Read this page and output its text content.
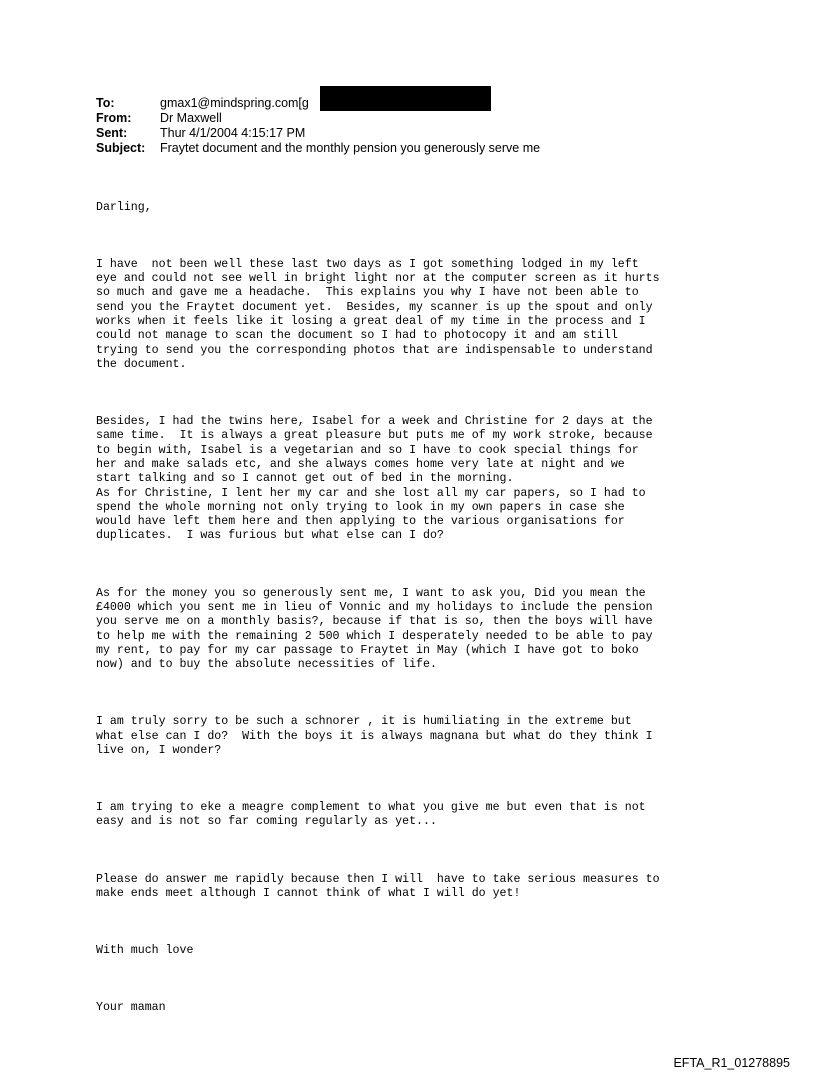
To:	gmax1@mindspring.com[g
From:	Dr Maxwell
Sent:	Thur 4/1/2004 4:15:17 PM
Subject:	Fraytet document and the monthly pension you generously serve me

Darling,

I have  not been well these last two days as I got something lodged in my left
eye and could not see well in bright light nor at the computer screen as it hurts
so much and gave me a headache.  This explains you why I have not been able to
send you the Fraytet document yet.  Besides, my scanner is up the spout and only
works when it feels like it losing a great deal of my time in the process and I
could not manage to scan the document so I had to photocopy it and am still
trying to send you the corresponding photos that are indispensable to understand
the document.

Besides, I had the twins here, Isabel for a week and Christine for 2 days at the
same time.  It is always a great pleasure but puts me of my work stroke, because
to begin with, Isabel is a vegetarian and so I have to cook special things for
her and make salads etc, and she always comes home very late at night and we
start talking and so I cannot get out of bed in the morning.
As for Christine, I lent her my car and she lost all my car papers, so I had to
spend the whole morning not only trying to look in my own papers in case she
would have left them here and then applying to the various organisations for
duplicates.  I was furious but what else can I do?

As for the money you so generously sent me, I want to ask you, Did you mean the
£4000 which you sent me in lieu of Vonnic and my holidays to include the pension
you serve me on a monthly basis?, because if that is so, then the boys will have
to help me with the remaining 2 500 which I desperately needed to be able to pay
my rent, to pay for my car passage to Fraytet in May (which I have got to boko
now) and to buy the absolute necessities of life.

I am truly sorry to be such a schnorer , it is humiliating in the extreme but
what else can I do?  With the boys it is always magnana but what do they think I
live on, I wonder?

I am trying to eke a meagre complement to what you give me but even that is not
easy and is not so far coming regularly as yet...

Please do answer me rapidly because then I will  have to take serious measures to
make ends meet although I cannot think of what I will do yet!

With much love

Your maman

EFTA_R1_01278895
